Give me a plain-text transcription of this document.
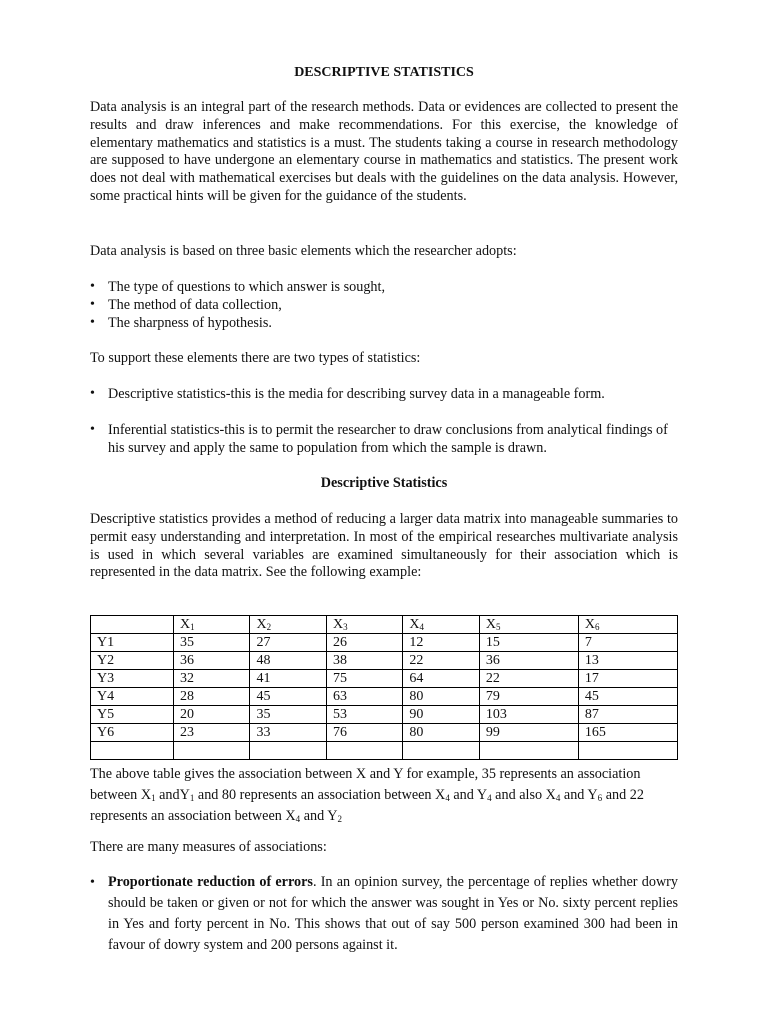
DESCRIPTIVE STATISTICS

Data analysis is an integral part of the research methods. Data or evidences are collected to present the results and draw inferences and make recommendations. For this exercise, the knowledge of elementary mathematics and statistics is a must. The students taking a course in research methodology are supposed to have undergone an elementary course in mathematics and statistics. The present work does not deal with mathematical exercises but deals with the guidelines on the data analysis. However, some practical hints will be given for the guidance of the students.

Data analysis is based on three basic elements which the researcher adopts:
• The type of questions to which answer is sought,
• The method of data collection,
• The sharpness of hypothesis.
To support these elements there are two types of statistics:
• Descriptive statistics-this is the media for describing survey data in a manageable form.
• Inferential statistics-this is to permit the researcher to draw conclusions from analytical findings of his survey and apply the same to population from which the sample is drawn.
Descriptive Statistics

Descriptive statistics provides a method of reducing a larger data matrix into manageable summaries to permit easy understanding and interpretation. In most of the empirical researches multivariate analysis is used in which several variables are examined simultaneously for their association which is represented in the data matrix. See the following example:

	$X_1$	$X_2$	$X_3$	$X_4$	$X_5$	$X_6$
Y1	35	27	26	12	15	7
Y2	36	48	38	22	36	13
Y3	32	41	75	64	22	17
Y4	28	45	63	80	79	45
Y5	20	35	53	90	103	87
Y6	23	33	76	80	99	165

The above table gives the association between X and Y for example, 35 represents an association between $X_1$ andY$_1$ and 80 represents an association between $X_4$ and $Y_4$ and also $X_4$ and $Y_6$ and 22 represents an association between $X_4$ and $Y_2$
There are many measures of associations:
• Proportionate reduction of errors. In an opinion survey, the percentage of replies whether dowry should be taken or given or not for which the answer was sought in Yes or No. sixty percent replies in Yes and forty percent in No. This shows that out of say 500 person examined 300 had been in favour of dowry system and 200 persons against it.
